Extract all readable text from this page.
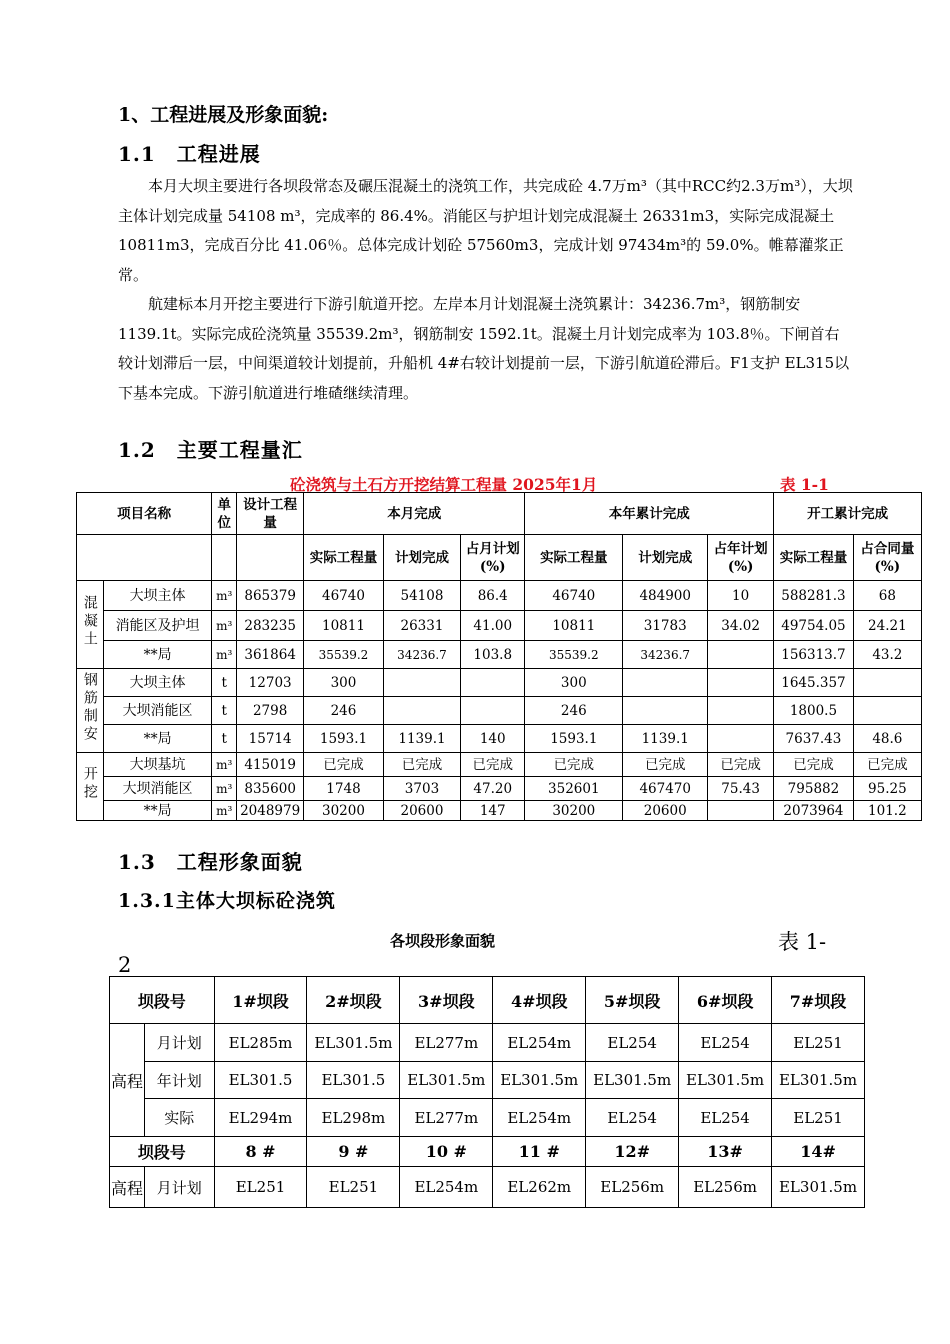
1、工程进展及形象面貌:
1.1　工程进展

本月大坝主要进行各坝段常态及碾压混凝土的浇筑工作，共完成砼 4.7万m³（其中RCC约2.3万m³），大坝主体计划完成量 54108 m³，完成率的 86.4%。消能区与护坦计划完成混凝土 26331m3，实际完成混凝土 10811m3，完成百分比 41.06％。总体完成计划砼 57560m3，完成计划 97434m³的 59.0%。帷幕灌浆正常。

航建标本月开挖主要进行下游引航道开挖。左岸本月计划混凝土浇筑累计：34236.7m³，钢筋制安 1139.1t。实际完成砼浇筑量 35539.2m³，钢筋制安 1592.1t。混凝土月计划完成率为 103.8％。下闸首右较计划滞后一层，中间渠道较计划提前，升船机 4#右较计划提前一层，下游引航道砼滞后。F1支护 EL315以下基本完成。下游引航道进行堆碴继续清理。

1.2　主要工程量汇
砼浇筑与土石方开挖结算工程量 2025年1月	表 1-1
项目名称		单位	设计工程量	本月完成			本年累计完成			开工累计完成	
				实际工程量	计划完成	占月计划(%)	实际工程量	计划完成	占年计划(%)	实际工程量	占合同量(%)
混凝土	大坝主体	m³	865379	46740	54108	86.4	46740	484900	10	588281.3	68
	消能区及护坦	m³	283235	10811	26331	41.00	10811	31783	34.02	49754.05	24.21
	**局	m³	361864	35539.2	34236.7	103.8	35539.2	34236.7		156313.7	43.2
钢筋制安	大坝主体	t	12703	300			300			1645.357	
	大坝消能区	t	2798	246			246			1800.5	
	**局	t	15714	1593.1	1139.1	140	1593.1	1139.1		7637.43	48.6
开挖	大坝基坑	m³	415019	已完成	已完成	已完成	已完成	已完成	已完成	已完成	已完成
	大坝消能区	m³	835600	1748	3703	47.20	352601	467470	75.43	795882	95.25
	**局	m³	2048979	30200	20600	147	30200	20600		2073964	101.2
1.3　工程形象面貌
1.3.1主体大坝标砼浇筑
各坝段形象面貌	表 1-
2
坝段号		1#坝段	2#坝段	3#坝段	4#坝段	5#坝段	6#坝段	7#坝段
高程	月计划	EL285m	EL301.5m	EL277m	EL254m	EL254	EL254	EL251
	年计划	EL301.5	EL301.5	EL301.5m	EL301.5m	EL301.5m	EL301.5m	EL301.5m
	实际	EL294m	EL298m	EL277m	EL254m	EL254	EL254	EL251
坝段号		8 #	9 #	10 #	11 #	12#	13#	14#
高程	月计划	EL251	EL251	EL254m	EL262m	EL256m	EL256m	EL301.5m
